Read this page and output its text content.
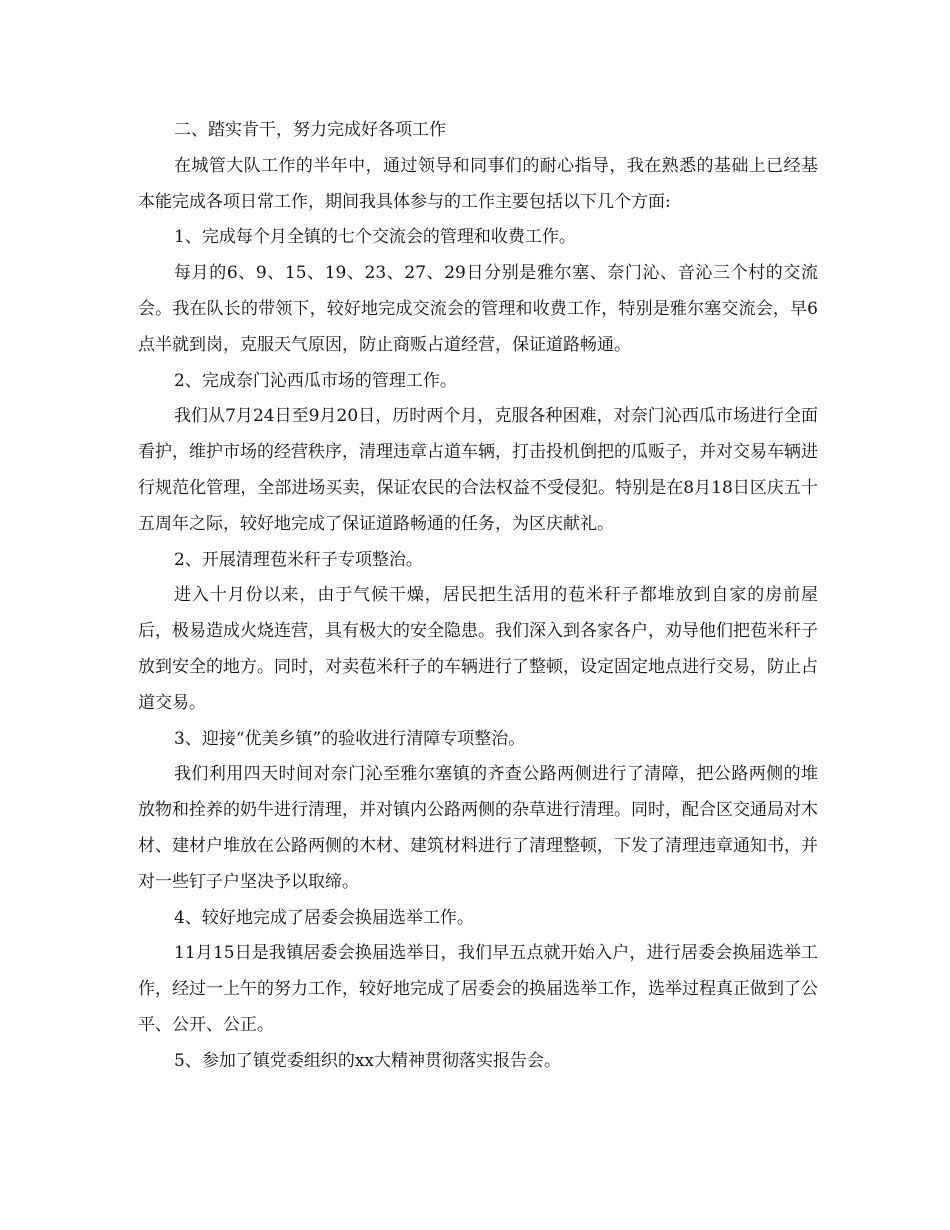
二、踏实肯干，努力完成好各项工作

在城管大队工作的半年中，通过领导和同事们的耐心指导，我在熟悉的基础上已经基本能完成各项日常工作，期间我具体参与的工作主要包括以下几个方面:

1、完成每个月全镇的七个交流会的管理和收费工作。

每月的6、9、15、19、23、27、29日分别是雅尔塞、奈门沁、音沁三个村的交流会。我在队长的带领下，较好地完成交流会的管理和收费工作，特别是雅尔塞交流会，早6点半就到岗，克服天气原因，防止商贩占道经营，保证道路畅通。

2、完成奈门沁西瓜市场的管理工作。

我们从7月24日至9月20日，历时两个月，克服各种困难，对奈门沁西瓜市场进行全面看护，维护市场的经营秩序，清理违章占道车辆，打击投机倒把的瓜贩子，并对交易车辆进行规范化管理，全部进场买卖，保证农民的合法权益不受侵犯。特别是在8月18日区庆五十五周年之际，较好地完成了保证道路畅通的任务，为区庆献礼。

2、开展清理苞米秆子专项整治。

进入十月份以来，由于气候干燥，居民把生活用的苞米秆子都堆放到自家的房前屋后，极易造成火烧连营，具有极大的安全隐患。我们深入到各家各户，劝导他们把苞米秆子放到安全的地方。同时，对卖苞米秆子的车辆进行了整顿，设定固定地点进行交易，防止占道交易。

3、迎接“优美乡镇”的验收进行清障专项整治。

我们利用四天时间对奈门沁至雅尔塞镇的齐查公路两侧进行了清障，把公路两侧的堆放物和拴养的奶牛进行清理，并对镇内公路两侧的杂草进行清理。同时，配合区交通局对木材、建材户堆放在公路两侧的木材、建筑材料进行了清理整顿，下发了清理违章通知书，并对一些钉子户坚决予以取缔。

4、较好地完成了居委会换届选举工作。

11月15日是我镇居委会换届选举日，我们早五点就开始入户，进行居委会换届选举工作，经过一上午的努力工作，较好地完成了居委会的换届选举工作，选举过程真正做到了公平、公开、公正。

5、参加了镇党委组织的xx大精神贯彻落实报告会。
